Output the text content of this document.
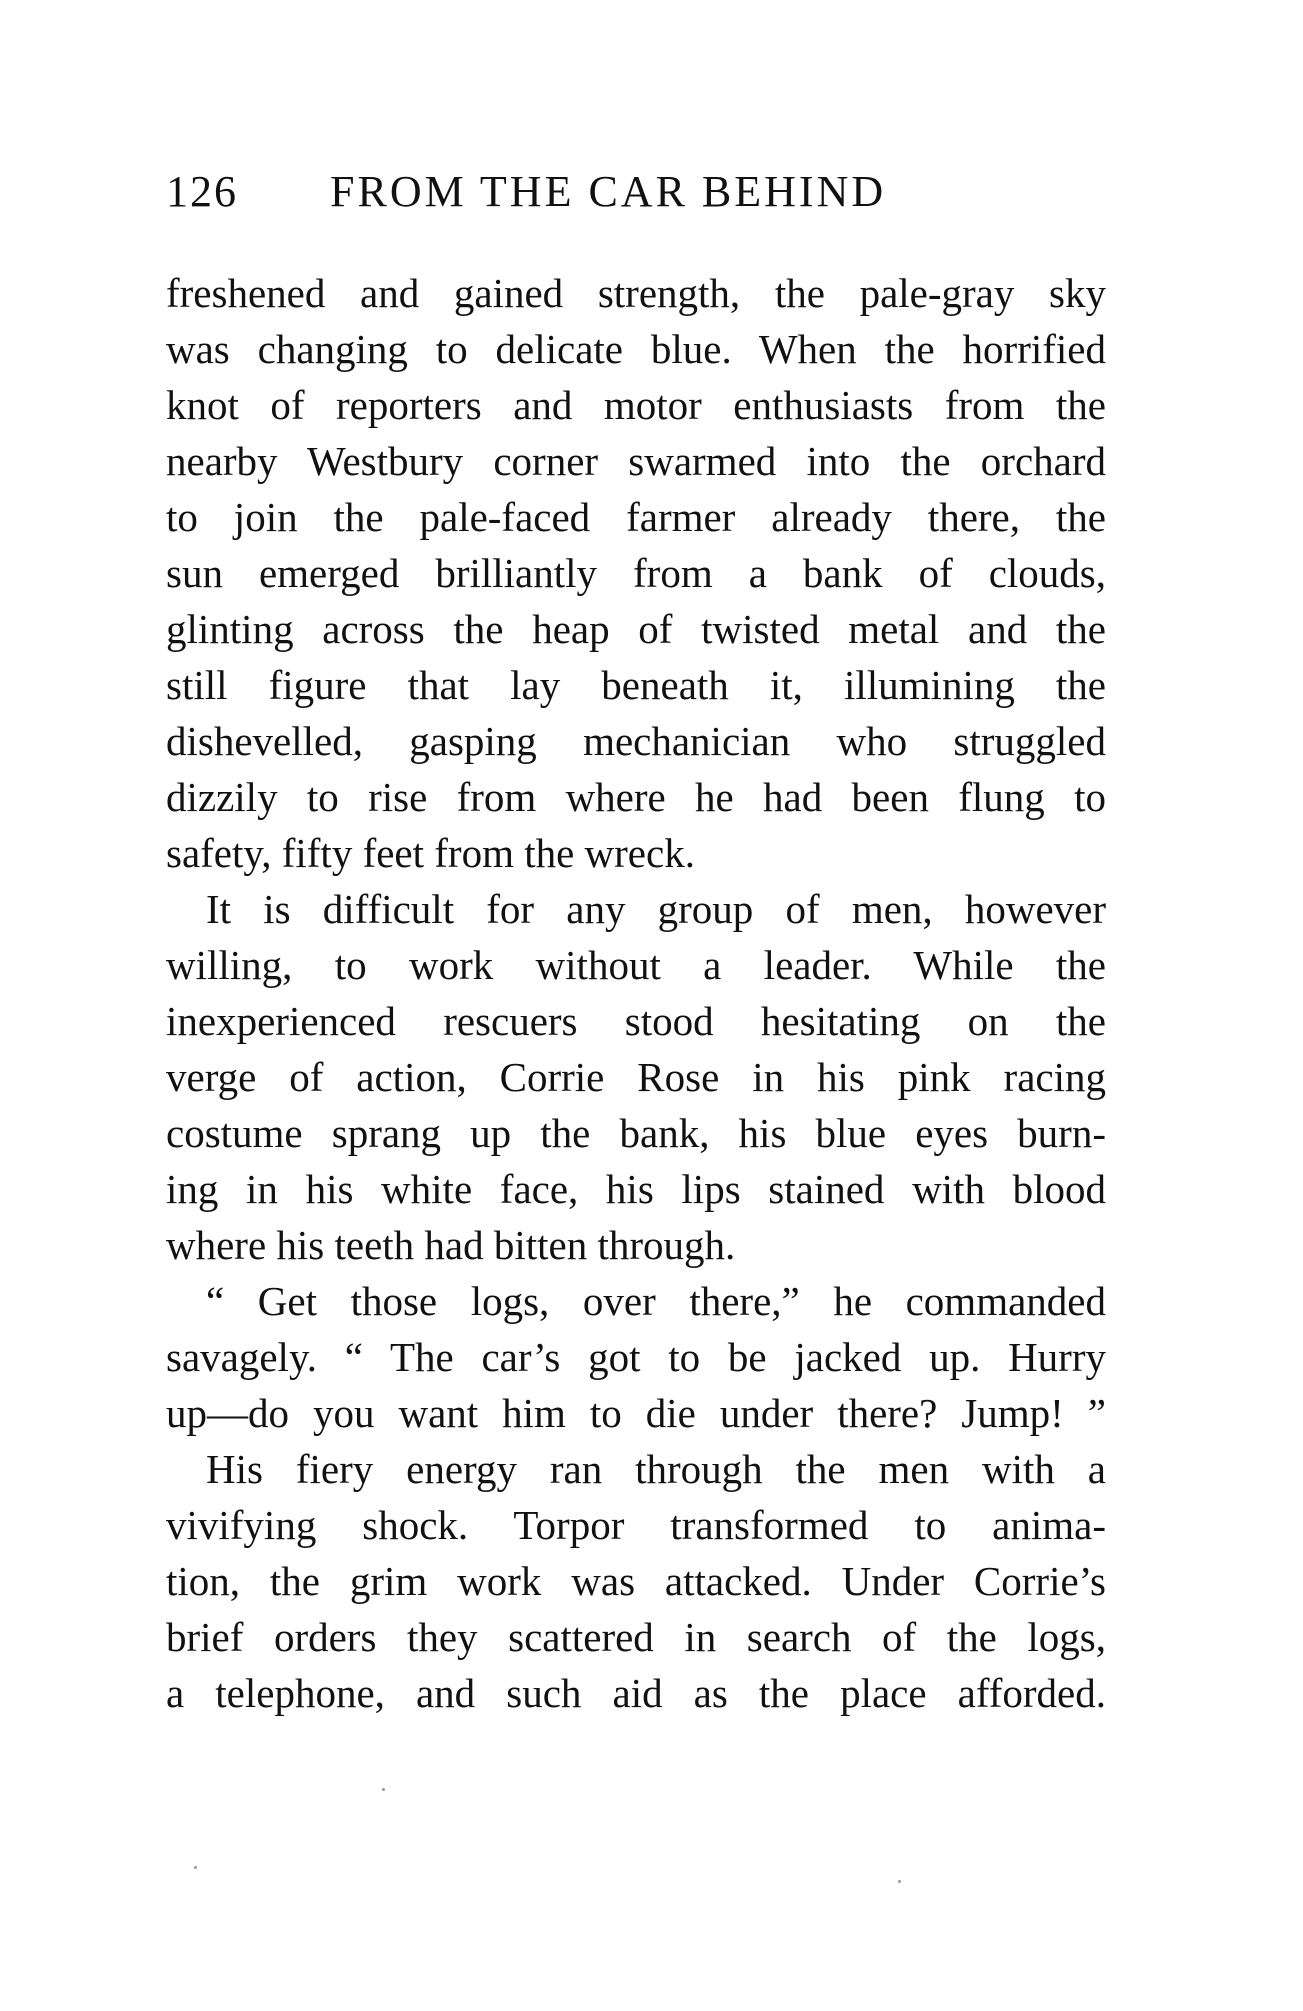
126 FROM THE CAR BEHIND
freshened and gained strength, the pale-gray sky
was changing to delicate blue. When the horrified
knot of reporters and motor enthusiasts from the
nearby Westbury corner swarmed into the orchard
to join the pale-faced farmer already there, the
sun emerged brilliantly from a bank of clouds,
glinting across the heap of twisted metal and the
still figure that lay beneath it, illumining the
dishevelled, gasping mechanician who struggled
dizzily to rise from where he had been flung to
safety, fifty feet from the wreck.
It is difficult for any group of men, however
willing, to work without a leader. While the
inexperienced rescuers stood hesitating on the
verge of action, Corrie Rose in his pink racing
costume sprang up the bank, his blue eyes burn-
ing in his white face, his lips stained with blood
where his teeth had bitten through.
“ Get those logs, over there,” he commanded
savagely. “ The car’s got to be jacked up. Hurry
up—do you want him to die under there? Jump! ”
His fiery energy ran through the men with a
vivifying shock. Torpor transformed to anima-
tion, the grim work was attacked. Under Corrie’s
brief orders they scattered in search of the logs,
a telephone, and such aid as the place afforded.
